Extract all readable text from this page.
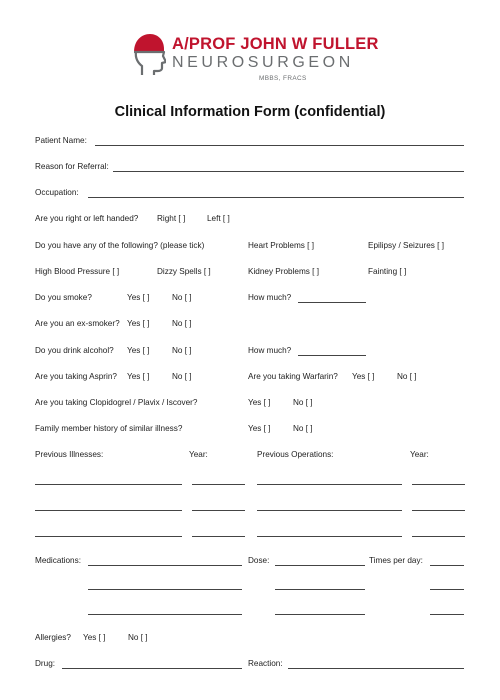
A/PROF JOHN W FULLER
NEUROSURGEON
MBBS, FRACS
Clinical Information Form (confidential)
Patient Name:
Reason for Referral:
Occupation:
Are you right or left handed? Right [ ]	Left [ ]
Do you have any of the following? (please tick)	Heart Problems [ ]	Epilipsy / Seizures [ ]
High Blood Pressure [ ]	Dizzy Spells [ ]	Kidney Problems [ ]	Fainting [ ]
Do you smoke?	Yes [ ]	No [ ]	How much?
Are you an ex-smoker? Yes [ ]	No [ ]
Do you drink alcohol? Yes [ ]	No [ ]	How much?
Are you taking Asprin? Yes [ ]	No [ ]	Are you taking Warfarin? Yes [ ]	No [ ]
Are you taking Clopidogrel / Plavix / Iscover?	Yes [ ]	No [ ]
Family member history of similar illness?	Yes [ ]	No [ ]
Previous Illnesses:	Year:	Previous Operations:	Year:
Medications:	Dose:	Times per day:
Allergies? Yes [ ]	No [ ]
Drug:	Reaction:
